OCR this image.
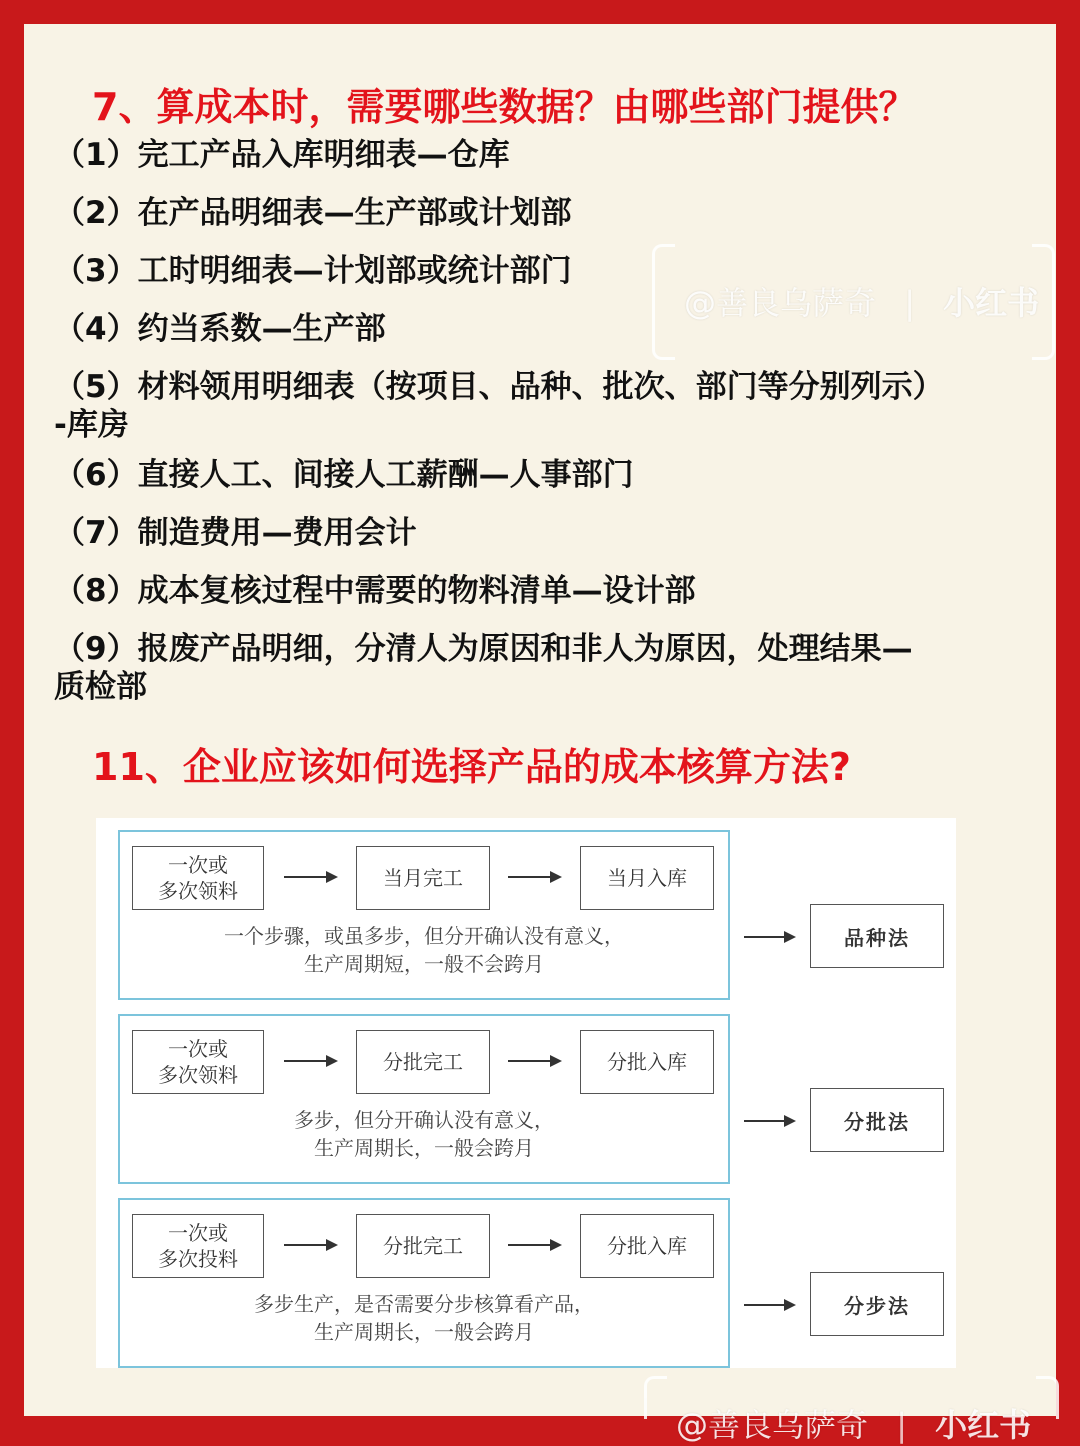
7、算成本时，需要哪些数据？由哪些部门提供？
（1）完工产品入库明细表—仓库
（2）在产品明细表—生产部或计划部
（3）工时明细表—计划部或统计部门
（4）约当系数—生产部
（5）材料领用明细表（按项目、品种、批次、部门等分别列示）
-库房
（6）直接人工、间接人工薪酬—人事部门
（7）制造费用—费用会计
（8）成本复核过程中需要的物料清单—设计部
（9）报废产品明细，分清人为原因和非人为原因，处理结果—
质检部
11、企业应该如何选择产品的成本核算方法?
@善良乌萨奇 | 小红书
一次或
多次领料
当月完工	当月入库
一个步骤，或虽多步，但分开确认没有意义，
生产周期短，一般不会跨月
品种法
一次或
多次领料
分批完工	分批入库
多步，但分开确认没有意义，
生产周期长，一般会跨月
分批法
一次或
多次投料
分批完工	分批入库
多步生产，是否需要分步核算看产品，
生产周期长，一般会跨月
分步法
@善良乌萨奇 | 小红书
